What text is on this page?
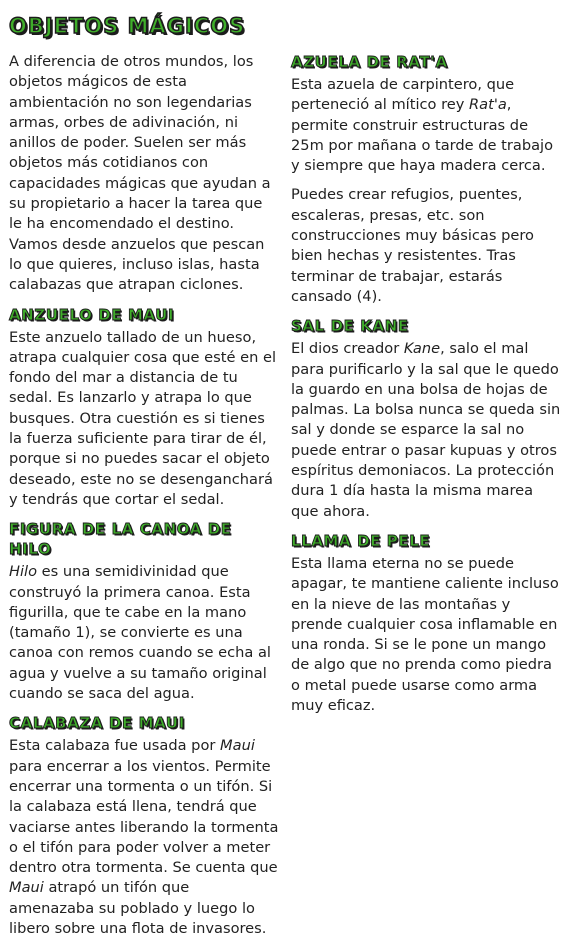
OBJETOS MÁGICOS

A diferencia de otros mundos, los objetos mágicos de esta ambientación no son legendarias armas, orbes de adivinación, ni anillos de poder. Suelen ser más objetos más cotidianos con capacidades mágicas que ayudan a su propietario a hacer la tarea que le ha encomendado el destino. Vamos desde anzuelos que pescan lo que quieres, incluso islas, hasta calabazas que atrapan ciclones.

ANZUELO DE MAUI

Este anzuelo tallado de un hueso, atrapa cualquier cosa que esté en el fondo del mar a distancia de tu sedal. Es lanzarlo y atrapa lo que busques. Otra cuestión es si tienes la fuerza suficiente para tirar de él, porque si no puedes sacar el objeto deseado, este no se desenganchará y tendrás que cortar el sedal.

FIGURA DE LA CANOA DE HILO

Hilo es una semidivinidad que construyó la primera canoa. Esta figurilla, que te cabe en la mano (tamaño 1), se convierte es una canoa con remos cuando se echa al agua y vuelve a su tamaño original cuando se saca del agua.

CALABAZA DE MAUI

Esta calabaza fue usada por Maui para encerrar a los vientos. Permite encerrar una tormenta o un tifón. Si la calabaza está llena, tendrá que vaciarse antes liberando la tormenta o el tifón para poder volver a meter dentro otra tormenta. Se cuenta que Maui atrapó un tifón que amenazaba su poblado y luego lo libero sobre una flota de invasores.

AZUELA DE RAT'A

Esta azuela de carpintero, que perteneció al mítico rey Rat'a, permite construir estructuras de 25m por mañana o tarde de trabajo y siempre que haya madera cerca.

Puedes crear refugios, puentes, escaleras, presas, etc. son construcciones muy básicas pero bien hechas y resistentes. Tras terminar de trabajar, estarás cansado (4).

SAL DE KANE

El dios creador Kane, salo el mal para purificarlo y la sal que le quedo la guardo en una bolsa de hojas de palmas. La bolsa nunca se queda sin sal y donde se esparce la sal no puede entrar o pasar kupuas y otros espíritus demoniacos. La protección dura 1 día hasta la misma marea que ahora.

LLAMA DE PELE

Esta llama eterna no se puede apagar, te mantiene caliente incluso en la nieve de las montañas y prende cualquier cosa inflamable en una ronda. Si se le pone un mango de algo que no prenda como piedra o metal puede usarse como arma muy eficaz.
